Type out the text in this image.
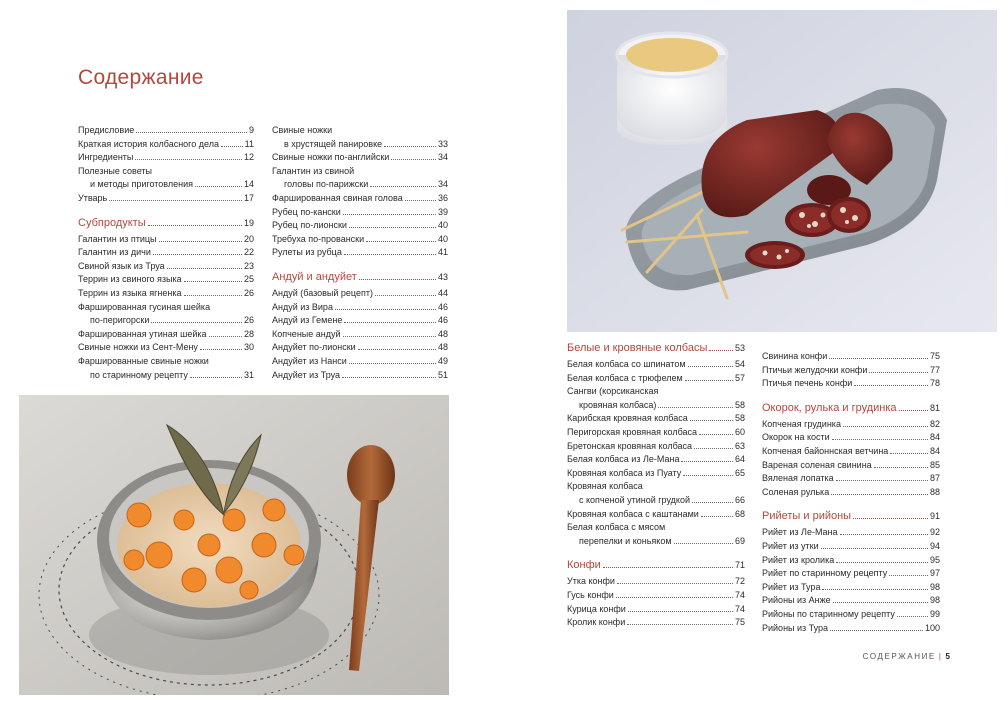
Содержание
Предисловие	9
Краткая история колбасного дела	11
Ингредиенты	12
Полезные советы
и методы приготовления	14
Утварь	17
Субпродукты	19
Галантин из птицы	20
Галантин из дичи	22
Свиной язык из Труа	23
Террин из свиного языка	25
Террин из языка ягненка	26
Фаршированная гусиная шейка
по-перигорски	26
Фаршированная утиная шейка	28
Свиные ножки из Сент-Мену	30
Фаршированные свиные ножки
по старинному рецепту	31
Свиные ножки
в хрустящей панировке	33
Свиные ножки по-английски	34
Галантин из свиной
головы по-парижски	34
Фаршированная свиная голова	36
Рубец по-кански	39
Рубец по-лионски	40
Требуха по-провански	40
Рулеты из рубца	41
Андуй и андуйет	43
Андуй (базовый рецепт)	44
Андуй из Вира	46
Андуй из Гемене	46
Копченые андуй	48
Андуйет по-лионски	48
Андуйет из Нанси	49
Андуйет из Труа	51
Белые и кровяные колбасы	53
Белая колбаса со шпинатом	54
Белая колбаса с трюфелем	57
Сангви (корсиканская
кровяная колбаса)	58
Карибская кровяная колбаса	58
Перигорская кровяная колбаса	60
Бретонская кровяная колбаса	63
Белая колбаса из Ле-Мана	64
Кровяная колбаса из Пуату	65
Кровяная колбаса
с копченой утиной грудкой	66
Кровяная колбаса с каштанами	68
Белая колбаса с мясом
перепелки и коньяком	69
Конфи	71
Утка конфи	72
Гусь конфи	74
Курица конфи	74
Кролик конфи	75
Свинина конфи	75
Птичьи желудочки конфи	77
Птичья печень конфи	78
Окорок, рулька и грудинка	81
Копченая грудинка	82
Окорок на кости	84
Копченая байоннская ветчина	84
Вареная соленая свинина	85
Вяленая лопатка	87
Соленая рулька	88
Рийеты и рийоны	91
Рийет из Ле-Мана	92
Рийет из утки	94
Рийет из кролика	95
Рийет по старинному рецепту	97
Рийет из Тура	98
Рийоны из Анже	98
Рийоны по старинному рецепту	99
Рийоны из Тура	100
СОДЕРЖАНИЕ | 5
